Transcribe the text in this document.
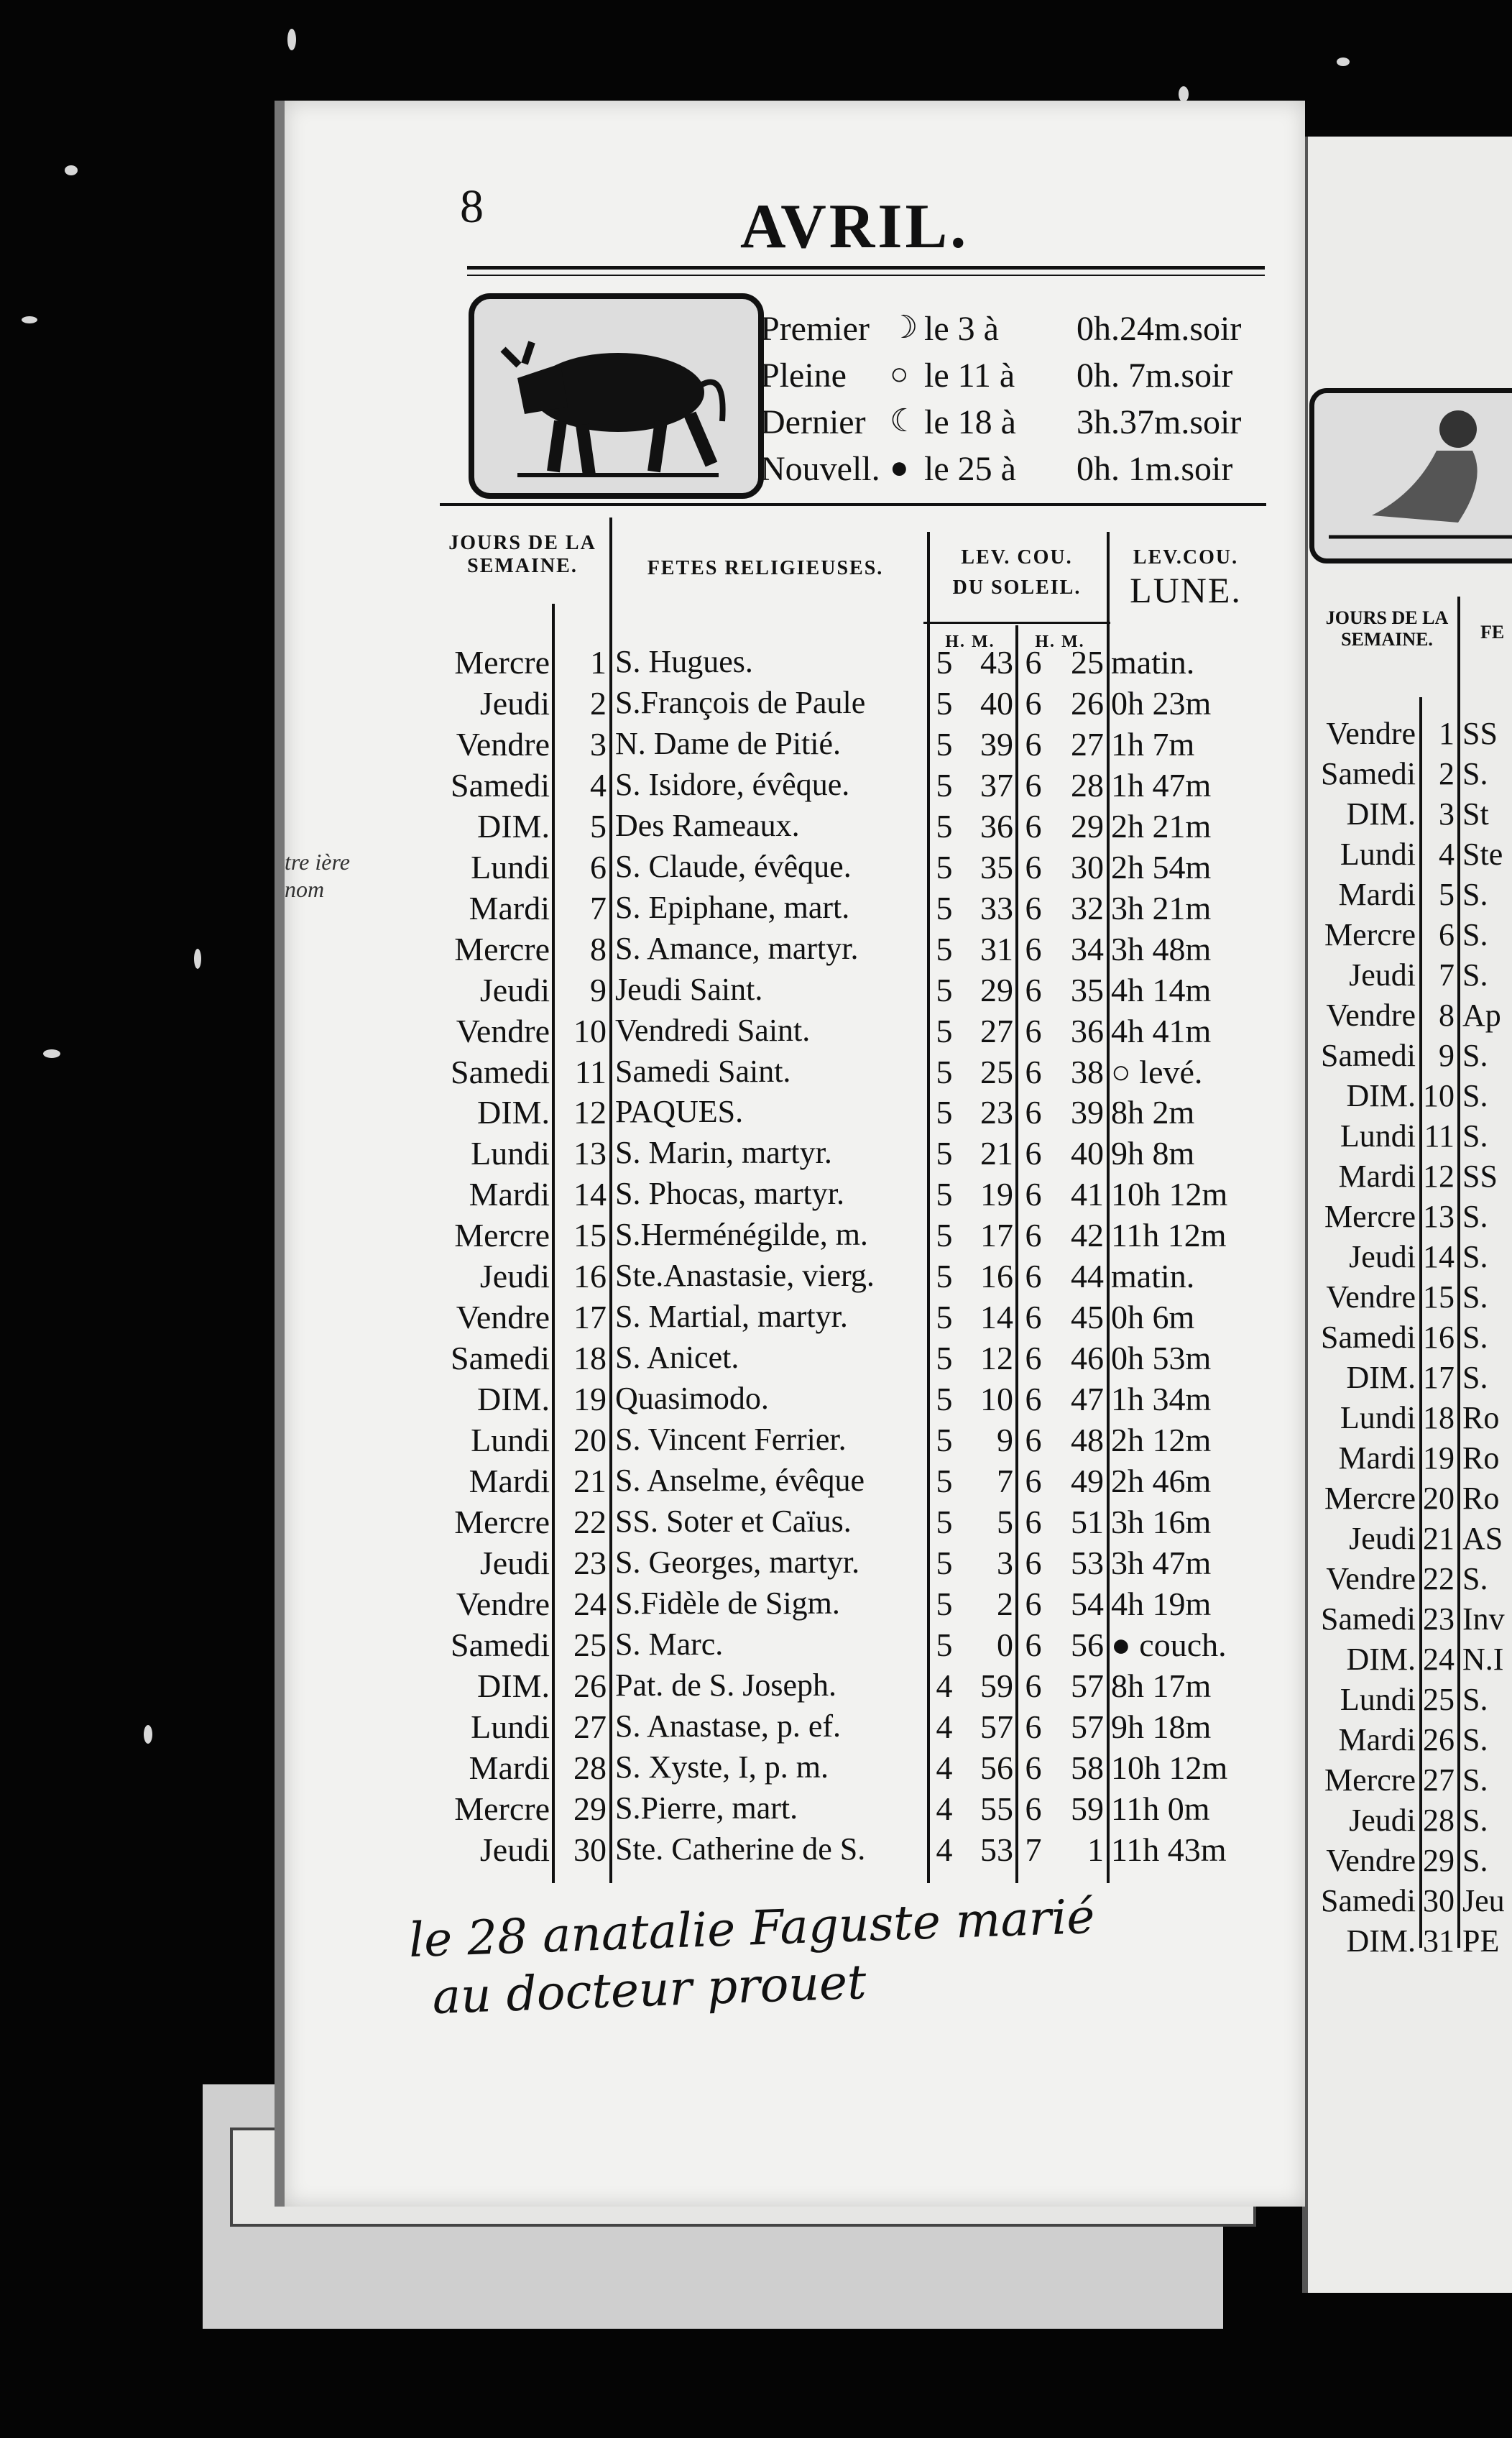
8	AVRIL.
Premier ☽ le 3 à 0h.24m.soir
Pleine ○ le 11 à 0h. 7m.soir
Dernier ☾ le 18 à 3h.37m.soir
Nouvell. ● le 25 à 0h. 1m.soir
JOURS DE LA
SEMAINE.	FETES RELIGIEUSES.	LEV. COU.
DU SOLEIL.
LEV.COU.
LUNE.
H. M.	H. M.
Mercre	1 S. Hugues.	5 43 6 25 matin.
Jeudi	2 S.François de Paule	5 40 6 26 0h 23m
Vendre	3 N. Dame de Pitié.	5 39 6 27 1h 7m
Samedi	4 S. Isidore, évêque.	5 37 6 28 1h 47m
DIM.	5 Des Rameaux.	5 36 6 29 2h 21m
Lundi	6 S. Claude, évêque.	5 35 6 30 2h 54m
Mardi	7 S. Epiphane, mart.	5 33 6 32 3h 21m
Mercre	8 S. Amance, martyr.	5 31 6 34 3h 48m
Jeudi	9 Jeudi Saint.	5 29 6 35 4h 14m
Vendre 10 Vendredi Saint.	5 27 6 36 4h 41m
Samedi 11 Samedi Saint.	5 25 6 38 ○ levé.
DIM. 12 PAQUES.	5 23 6 39 8h 2m
Lundi 13 S. Marin, martyr.	5 21 6 40 9h 8m
Mardi 14 S. Phocas, martyr.	5 19 6 41 10h 12m
Mercre 15 S.Herménégilde, m.	5 17 6 42 11h 12m
Jeudi 16 Ste.Anastasie, vierg.	5 16 6 44 matin.
Vendre 17 S. Martial, martyr.	5 14 6 45 0h 6m
Samedi 18 S. Anicet.	5 12 6 46 0h 53m
DIM. 19 Quasimodo.	5 10 6 47 1h 34m
Lundi 20 S. Vincent Ferrier.	5	9 6 48 2h 12m
Mardi 21 S. Anselme, évêque	5	7 6 49 2h 46m
Mercre 22 SS. Soter et Caïus.	5	5 6 51 3h 16m
Jeudi 23 S. Georges, martyr.	5	3 6 53 3h 47m
Vendre 24 S.Fidèle de Sigm.	5	2 6 54 4h 19m
Samedi 25 S. Marc.	5	0 6 56 ● couch.
DIM. 26 Pat. de S. Joseph.	4 59 6 57 8h 17m
Lundi 27 S. Anastase, p. ef.	4 57 6 57 9h 18m
Mardi 28 S. Xyste, I, p. m.	4 56 6 58 10h 12m
Mercre 29 S.Pierre, mart.	4 55 6 59 11h 0m
Jeudi 30 Ste. Catherine de S.	4 53 7	1 11h 43m
tre ière nom
le 28 anatalie Faguste marié
au docteur prouet
JOURS DE LA
SEMAINE.	FE
Vendre 1 SS
Samedi 2 S.
DIM. 3 St
Lundi 4 Ste
Mardi 5 S.
Mercre 6 S.
Jeudi 7 S.
Vendre 8 Ap
Samedi 9 S.
DIM. 10 S.
Lundi 11 S.
Mardi 12 SS
Mercre 13 S.
Jeudi 14 S.
Vendre 15 S.
Samedi 16 S.
DIM. 17 S.
Lundi 18 Ro
Mardi 19 Ro
Mercre 20 Ro
Jeudi 21 AS
Vendre 22 S.
Samedi 23 Inv
DIM. 24 N.I
Lundi 25 S.
Mardi 26 S.
Mercre 27 S.
Jeudi 28 S.
Vendre 29 S.
Samedi 30 Jeu
DIM. 31 PE
